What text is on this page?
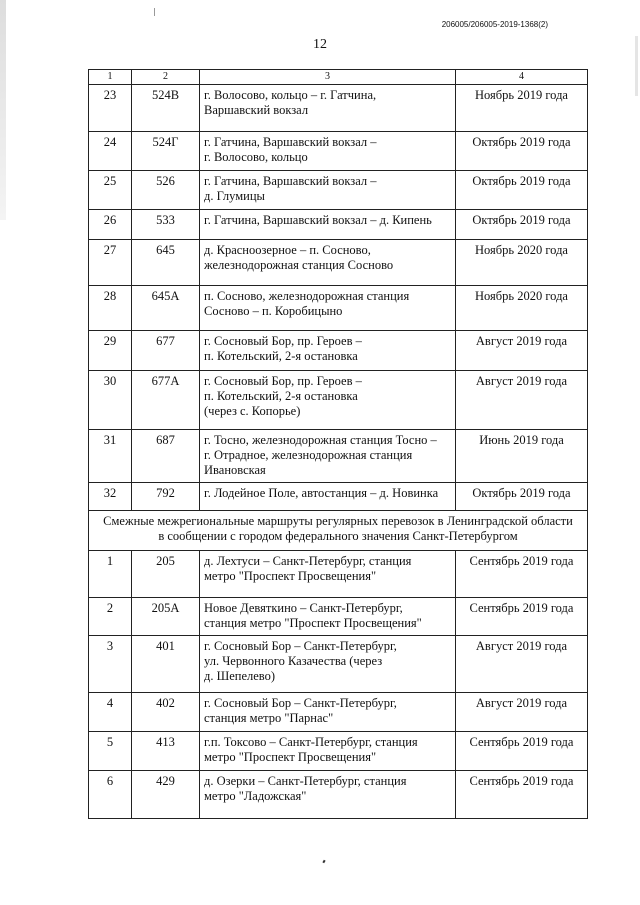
206005/206005-2019-1368(2)
12
1	2	3	4
23	524В	г. Волосово, кольцо – г. Гатчина,
Варшавский вокзал	Ноябрь 2019 года
24	524Г	г. Гатчина, Варшавский вокзал –
г. Волосово, кольцо	Октябрь 2019 года
25	526	г. Гатчина, Варшавский вокзал –
д. Глумицы	Октябрь 2019 года
26	533	г. Гатчина, Варшавский вокзал – д. Кипень	Октябрь 2019 года
27	645	д. Красноозерное – п. Сосново,
железнодорожная станция Сосново	Ноябрь 2020 года
28	645А	п. Сосново, железнодорожная станция
Сосново – п. Коробицыно	Ноябрь 2020 года
29	677	г. Сосновый Бор, пр. Героев –
п. Котельский, 2-я остановка	Август 2019 года
30	677А	г. Сосновый Бор, пр. Героев –
п. Котельский, 2-я остановка
(через с. Копорье)	Август 2019 года
31	687	г. Тосно, железнодорожная станция Тосно –
г. Отрадное, железнодорожная станция
Ивановская	Июнь 2019 года
32	792	г. Лодейное Поле, автостанция – д. Новинка	Октябрь 2019 года

Смежные межрегиональные маршруты регулярных перевозок в Ленинградской области
в сообщении с городом федерального значения Санкт-Петербургом			

1	205	д. Лехтуси – Санкт-Петербург, станция
метро "Проспект Просвещения"	Сентябрь 2019 года
2	205А	Новое Девяткино – Санкт-Петербург,
станция метро "Проспект Просвещения"	Сентябрь 2019 года
3	401	г. Сосновый Бор – Санкт-Петербург,
ул. Червонного Казачества (через
д. Шепелево)	Август 2019 года
4	402	г. Сосновый Бор – Санкт-Петербург,
станция метро "Парнас"	Август 2019 года
5	413	г.п. Токсово – Санкт-Петербург, станция
метро "Проспект Просвещения"	Сентябрь 2019 года
6	429	д. Озерки – Санкт-Петербург, станция
метро "Ладожская"	Сентябрь 2019 года
